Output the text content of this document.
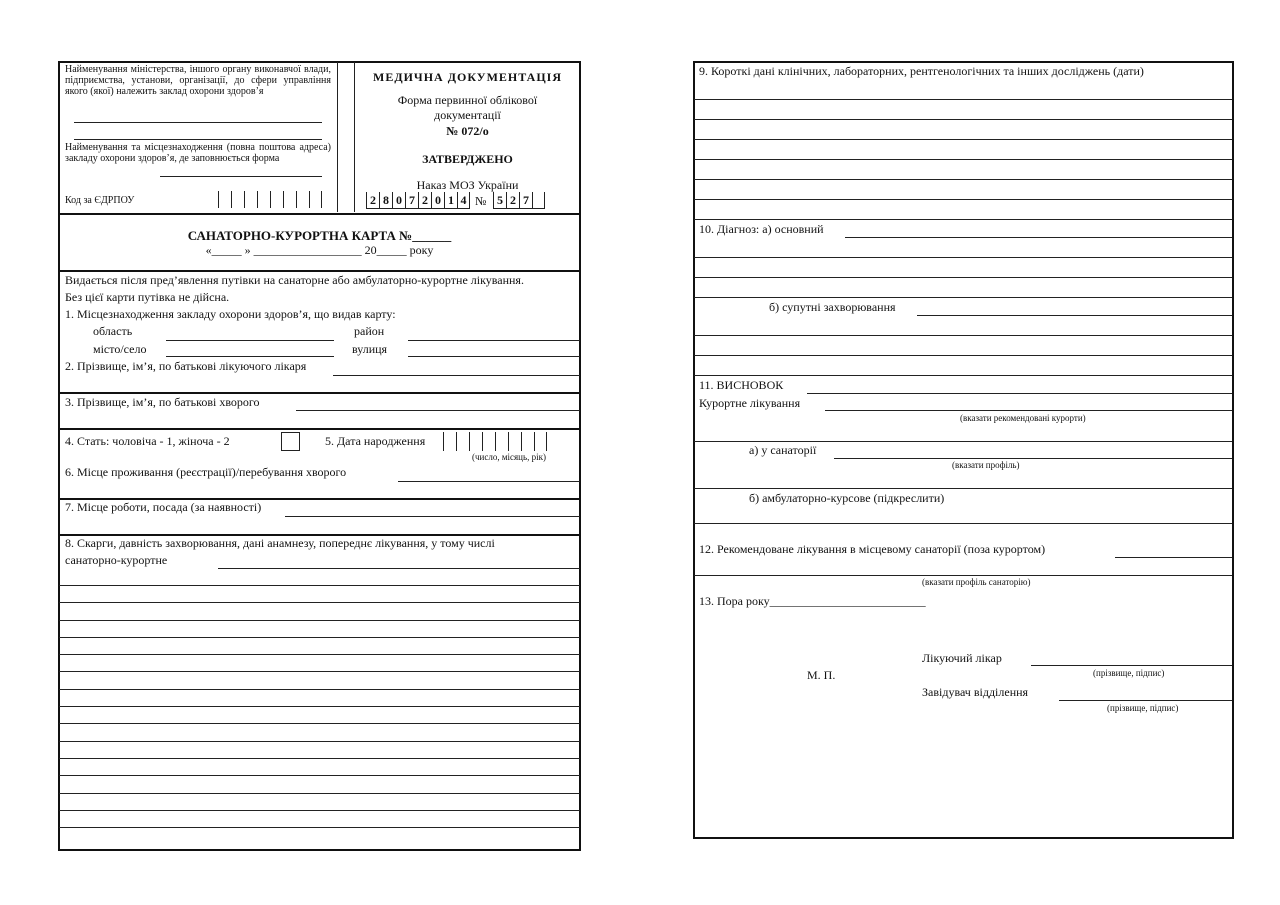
Найменування міністерства, іншого органу виконавчої влади, підприємства, установи, організації, до сфери управління якого (якої) належить заклад охорони здоров’я
Найменування та місцезнаходження (повна поштова адреса) закладу охорони здоров’я, де заповнюється форма
Код за ЄДРПОУ
МЕДИЧНА ДОКУМЕНТАЦІЯ
Форма первинної облікової
документації
№ 072/о
ЗАТВЕРДЖЕНО
Наказ МОЗ України
2 8 0 7 2 0 1 4 № 5 2 7
САНАТОРНО-КУРОРТНА КАРТА №______
«_____ » __________________ 20_____ року
Видається після пред’явлення путівки на санаторне або амбулаторно-курортне лікування.
Без цієї карти путівка не дійсна.
1. Місцезнаходження закладу охорони здоров’я, що видав карту:
область	район
місто/село	вулиця
2. Прізвище, ім’я, по батькові лікуючого лікаря
3. Прізвище, ім’я, по батькові хворого
4. Стать: чоловіча - 1, жіноча - 2	5. Дата народження
(число, місяць, рік)
6. Місце проживання (реєстрації)/перебування хворого
7. Місце роботи, посада (за наявності)
8. Скарги, давність захворювання, дані анамнезу, попереднє лікування, у тому числі
санаторно-курортне
9. Короткі дані клінічних, лабораторних, рентгенологічних та інших досліджень (дати)
10. Діагноз: а) основний
б) супутні захворювання
11. ВИСНОВОК
Курортне лікування
(вказати рекомендовані курорти)
а) у санаторії
(вказати профіль)
б) амбулаторно-курсове (підкреслити)
12. Рекомендоване лікування в місцевому санаторії (поза курортом)
(вказати профіль санаторію)
13. Пора року__________________________
Лікуючий лікар
(прізвище, підпис)
М. П.
Завідувач відділення
(прізвище, підпис)
